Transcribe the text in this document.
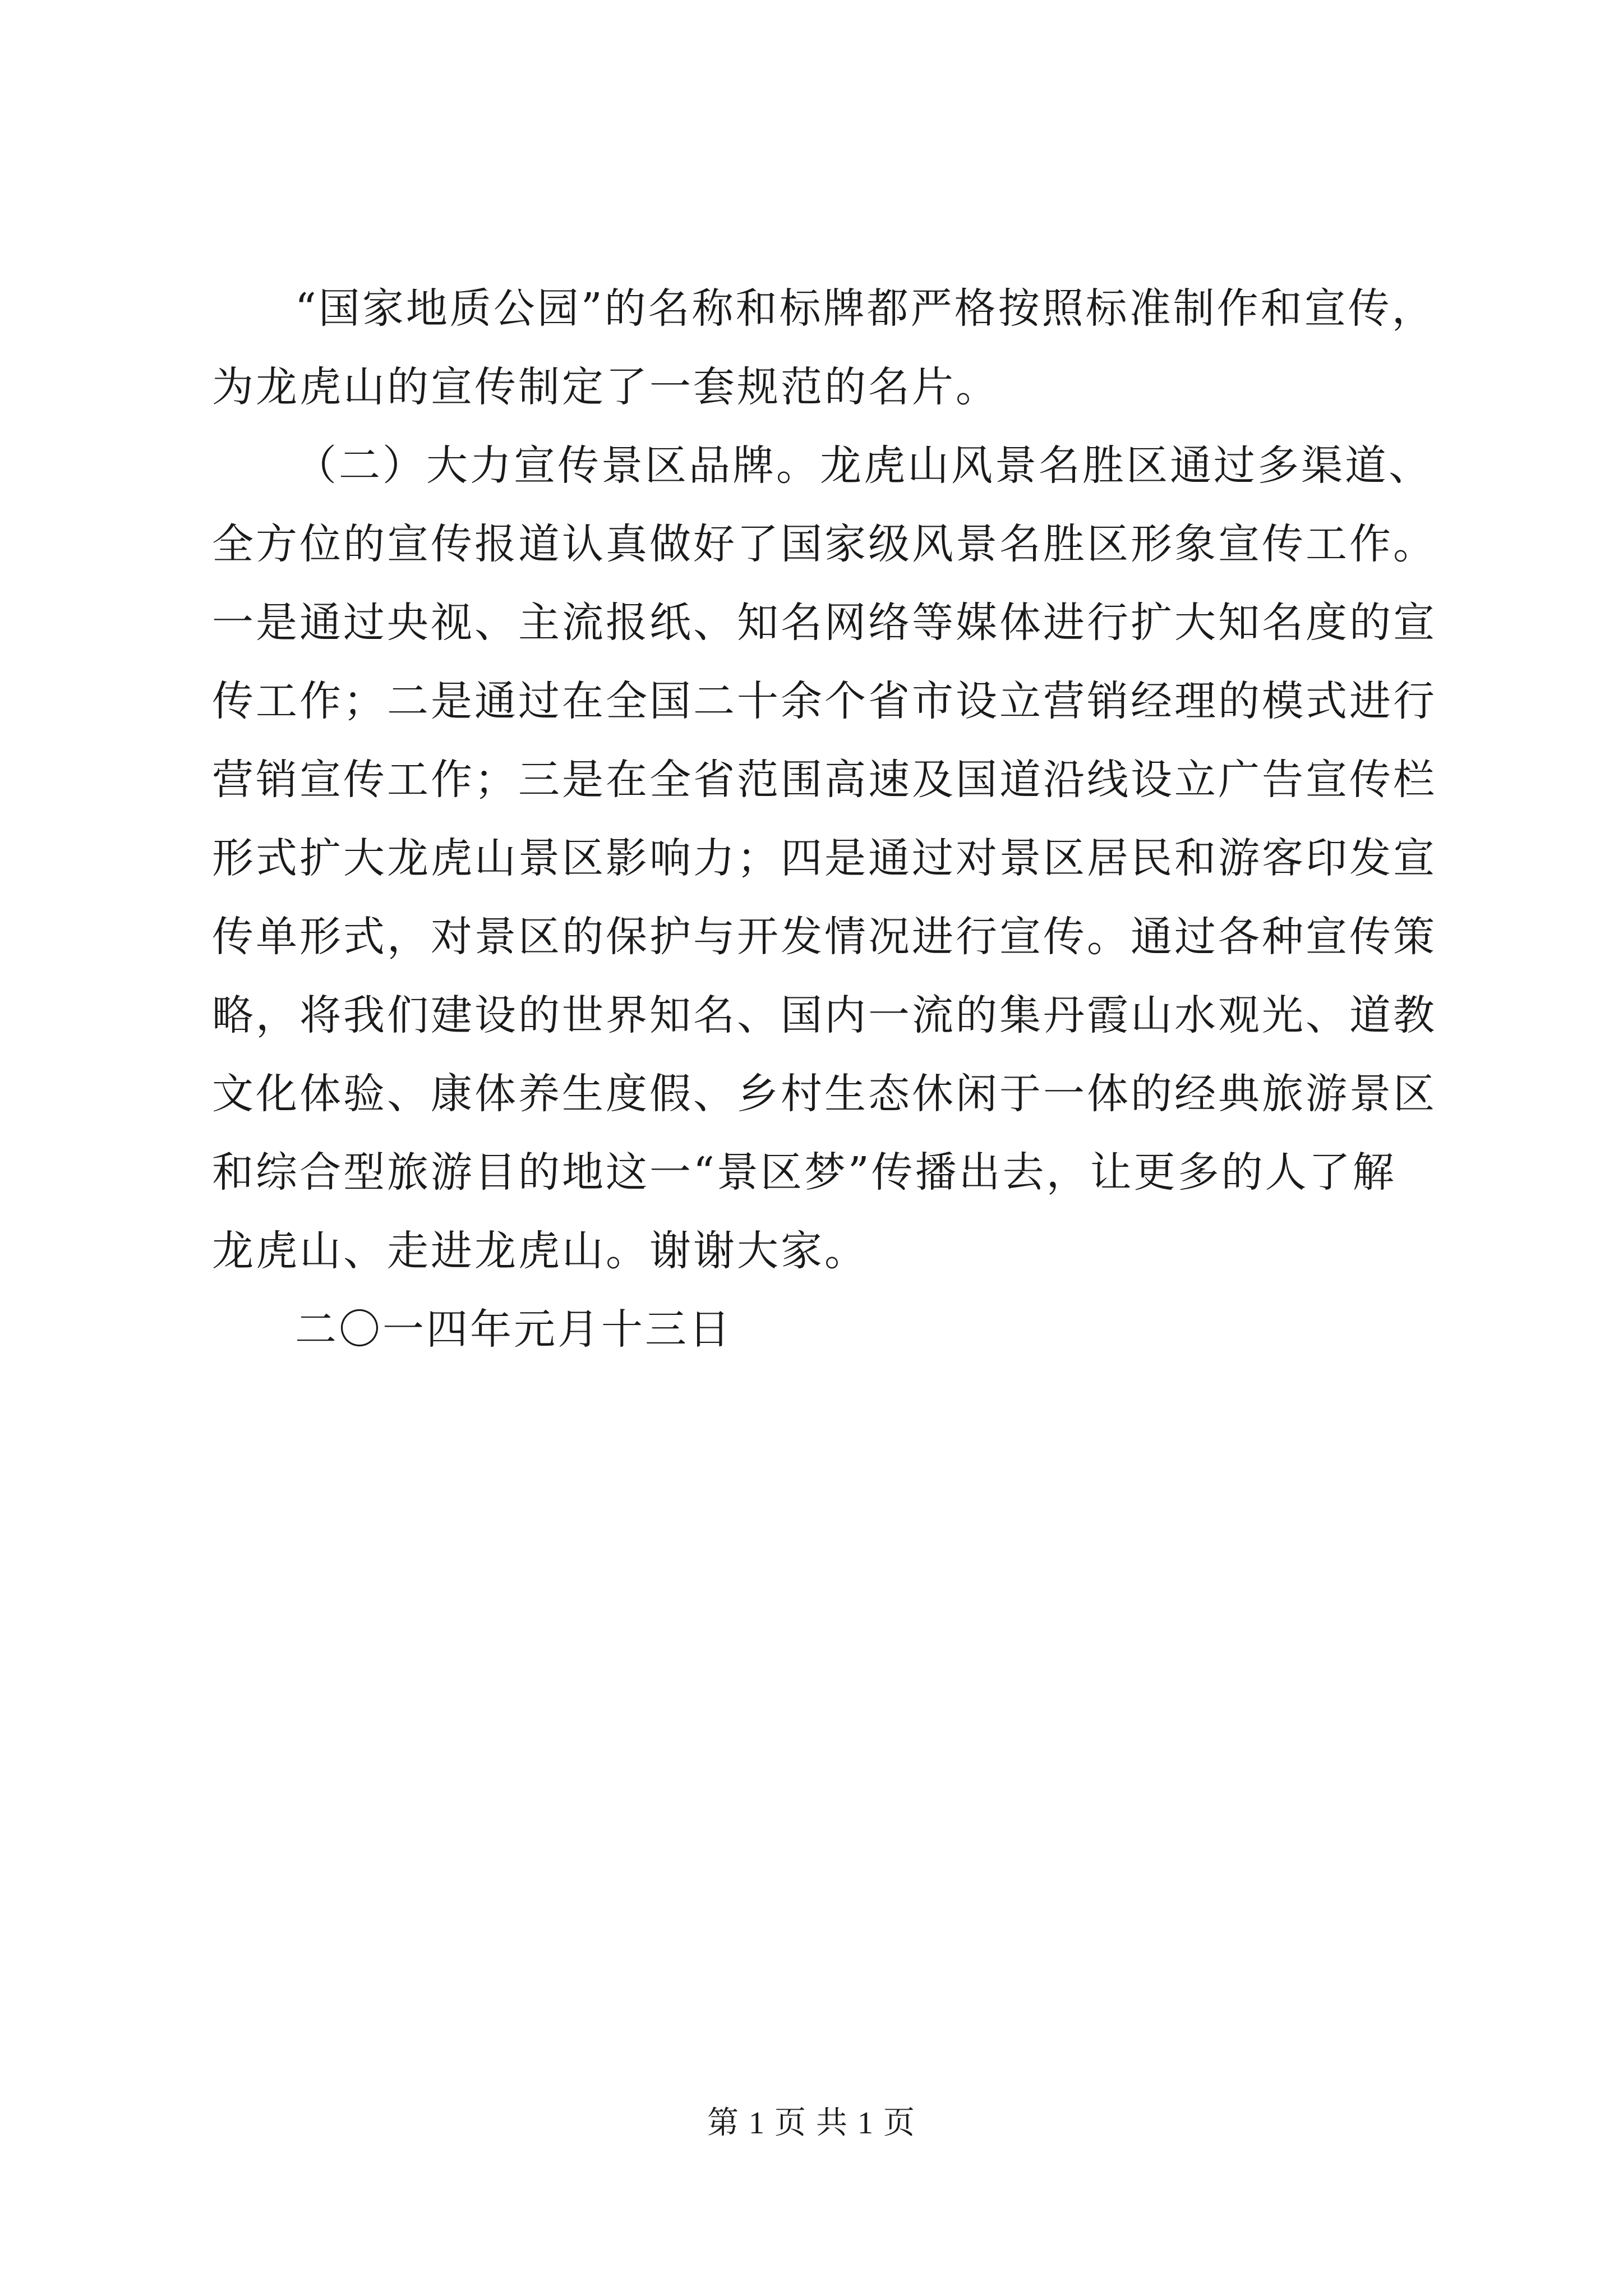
“国家地质公园”的名称和标牌都严格按照标准制作和宣传，
为龙虎山的宣传制定了一套规范的名片。
（二）大力宣传景区品牌。龙虎山风景名胜区通过多渠道、
全方位的宣传报道认真做好了国家级风景名胜区形象宣传工作。
一是通过央视、主流报纸、知名网络等媒体进行扩大知名度的宣
传工作；二是通过在全国二十余个省市设立营销经理的模式进行
营销宣传工作；三是在全省范围高速及国道沿线设立广告宣传栏
形式扩大龙虎山景区影响力；四是通过对景区居民和游客印发宣
传单形式，对景区的保护与开发情况进行宣传。通过各种宣传策
略，将我们建设的世界知名、国内一流的集丹霞山水观光、道教
文化体验、康体养生度假、乡村生态休闲于一体的经典旅游景区
和综合型旅游目的地这一“景区梦”传播出去，让更多的人了解
龙虎山、走进龙虎山。谢谢大家。
二〇一四年元月十三日
第 1 页 共 1 页
